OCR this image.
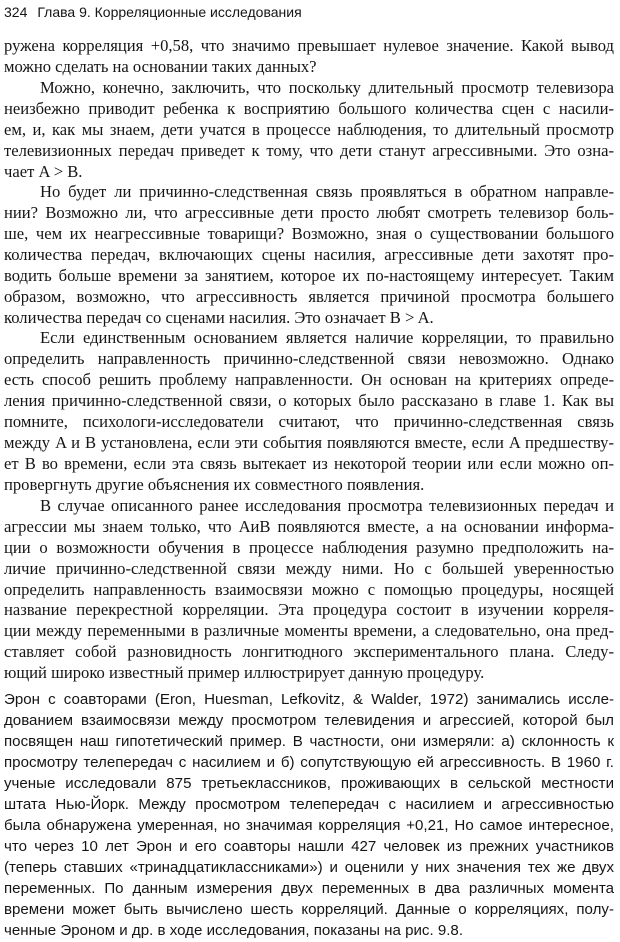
324 Глава 9. Корреляционные исследования
ружена корреляция +0,58, что значимо превышает нулевое значение. Какой вывод
можно сделать на основании таких данных?
Можно, конечно, заключить, что поскольку длительный просмотр телевизора
неизбежно приводит ребенка к восприятию большого количества сцен с насили-
ем, и, как мы знаем, дети учатся в процессе наблюдения, то длительный просмотр
телевизионных передач приведет к тому, что дети станут агрессивными. Это озна-
чает A > B.
Но будет ли причинно-следственная связь проявляться в обратном направле-
нии? Возможно ли, что агрессивные дети просто любят смотреть телевизор боль-
ше, чем их неагрессивные товарищи? Возможно, зная о существовании большого
количества передач, включающих сцены насилия, агрессивные дети захотят про-
водить больше времени за занятием, которое их по-настоящему интересует. Таким
образом, возможно, что агрессивность является причиной просмотра большего
количества передач со сценами насилия. Это означает B > A.
Если единственным основанием является наличие корреляции, то правильно
определить направленность причинно-следственной связи невозможно. Однако
есть способ решить проблему направленности. Он основан на критериях опреде-
ления причинно-следственной связи, о которых было рассказано в главе 1. Как вы
помните, психологи-исследователи считают, что причинно-следственная связь
между A и B установлена, если эти события появляются вместе, если A предшеству-
ет B во времени, если эта связь вытекает из некоторой теории или если можно оп-
провергнуть другие объяснения их совместного появления.
В случае описанного ранее исследования просмотра телевизионных передач и
агрессии мы знаем только, что AиB появляются вместе, а на основании информа-
ции о возможности обучения в процессе наблюдения разумно предположить на-
личие причинно-следственной связи между ними. Но с большей уверенностью
определить направленность взаимосвязи можно с помощью процедуры, носящей
название перекрестной корреляции. Эта процедура состоит в изучении корреля-
ции между переменными в различные моменты времени, а следовательно, она пред-
ставляет собой разновидность лонгитюдного экспериментального плана. Следу-
ющий широко известный пример иллюстрирует данную процедуру.
Эрон с соавторами (Eron, Huesman, Lefkovitz, & Walder, 1972) занимались иссле-
дованием взаимосвязи между просмотром телевидения и агрессией, которой был
посвящен наш гипотетический пример. В частности, они измеряли: а) склонность к
просмотру телепередач с насилием и б) сопутствующую ей агрессивность. В 1960 г.
ученые исследовали 875 третьеклассников, проживающих в сельской местности
штата Нью-Йорк. Между просмотром телепередач с насилием и агрессивностью
была обнаружена умеренная, но значимая корреляция +0,21, Но самое интересное,
что через 10 лет Эрон и его соавторы нашли 427 человек из прежних участников
(теперь ставших «тринадцатиклассниками») и оценили у них значения тех же двух
переменных. По данным измерения двух переменных в два различных момента
времени может быть вычислено шесть корреляций. Данные о корреляциях, полу-
ченные Эроном и др. в ходе исследования, показаны на рис. 9.8.
